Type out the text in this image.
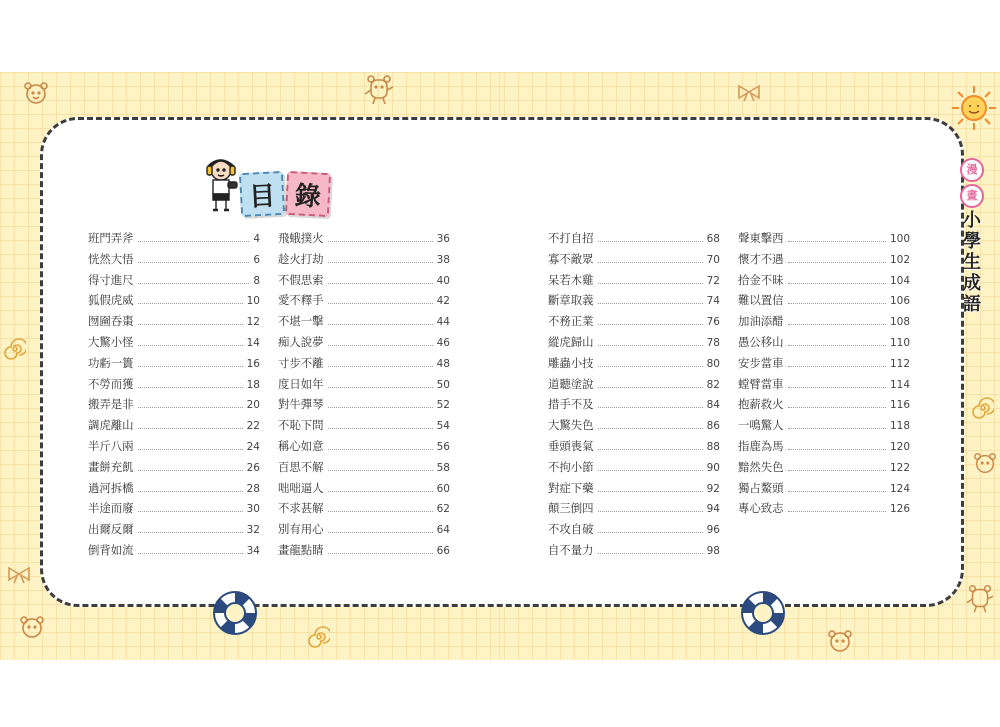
目 錄
漫 畫
小
學
生
成
語
班門弄斧	4
恍然大悟	6
得寸進尺	8
狐假虎威	10
囫圇吞棗	12
大驚小怪	14
功虧一簣	16
不勞而獲	18
搬弄是非	20
調虎離山	22
半斤八兩	24
畫餅充飢	26
過河拆橋	28
半途而廢	30
出爾反爾	32
倒背如流	34
飛蛾撲火	36
趁火打劫	38
不假思索	40
愛不釋手	42
不堪一擊	44
痴人說夢	46
寸步不離	48
度日如年	50
對牛彈琴	52
不恥下問	54
稱心如意	56
百思不解	58
咄咄逼人	60
不求甚解	62
別有用心	64
畫龍點睛	66
不打自招	68
寡不敵眾	70
呆若木雞	72
斷章取義	74
不務正業	76
縱虎歸山	78
雕蟲小技	80
道聽塗說	82
措手不及	84
大驚失色	86
垂頭喪氣	88
不拘小節	90
對症下藥	92
顛三倒四	94
不攻自破	96
自不量力	98
聲東擊西	100
懷才不遇	102
拾金不昧	104
難以置信	106
加油添醋	108
愚公移山	110
安步當車	112
螳臂當車	114
抱薪救火	116
一鳴驚人	118
指鹿為馬	120
黯然失色	122
獨占鰲頭	124
專心致志	126
